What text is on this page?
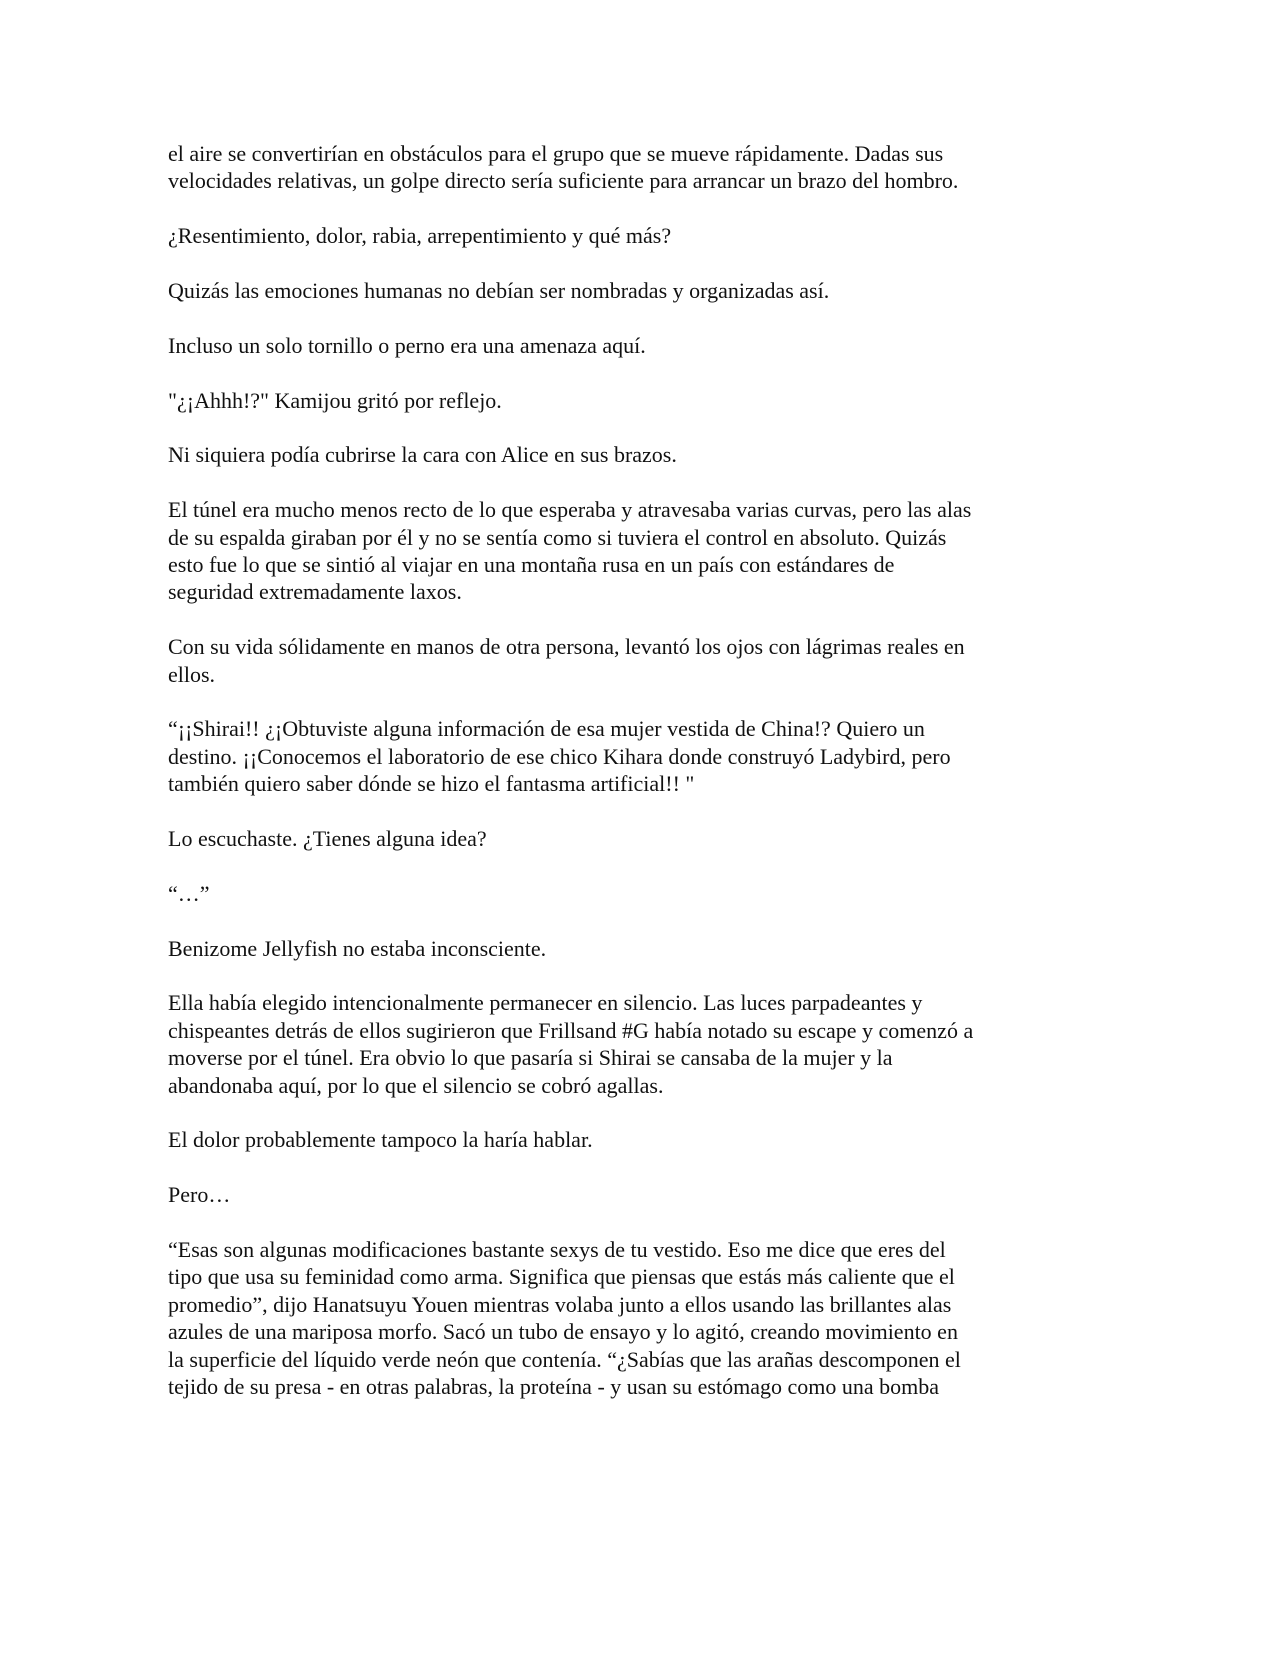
el aire se convertirían en obstáculos para el grupo que se mueve rápidamente. Dadas sus
velocidades relativas, un golpe directo sería suficiente para arrancar un brazo del hombro.

¿Resentimiento, dolor, rabia, arrepentimiento y qué más?

Quizás las emociones humanas no debían ser nombradas y organizadas así.

Incluso un solo tornillo o perno era una amenaza aquí.

"¿¡Ahhh!?" Kamijou gritó por reflejo.

Ni siquiera podía cubrirse la cara con Alice en sus brazos.

El túnel era mucho menos recto de lo que esperaba y atravesaba varias curvas, pero las alas
de su espalda giraban por él y no se sentía como si tuviera el control en absoluto. Quizás
esto fue lo que se sintió al viajar en una montaña rusa en un país con estándares de
seguridad extremadamente laxos.

Con su vida sólidamente en manos de otra persona, levantó los ojos con lágrimas reales en
ellos.

“¡¡Shirai!! ¿¡Obtuviste alguna información de esa mujer vestida de China!? Quiero un
destino. ¡¡Conocemos el laboratorio de ese chico Kihara donde construyó Ladybird, pero
también quiero saber dónde se hizo el fantasma artificial!! "

Lo escuchaste. ¿Tienes alguna idea?

“…”

Benizome Jellyfish no estaba inconsciente.

Ella había elegido intencionalmente permanecer en silencio. Las luces parpadeantes y
chispeantes detrás de ellos sugirieron que Frillsand #G había notado su escape y comenzó a
moverse por el túnel. Era obvio lo que pasaría si Shirai se cansaba de la mujer y la
abandonaba aquí, por lo que el silencio se cobró agallas.

El dolor probablemente tampoco la haría hablar.

Pero…

“Esas son algunas modificaciones bastante sexys de tu vestido. Eso me dice que eres del
tipo que usa su feminidad como arma. Significa que piensas que estás más caliente que el
promedio”, dijo Hanatsuyu Youen mientras volaba junto a ellos usando las brillantes alas
azules de una mariposa morfo. Sacó un tubo de ensayo y lo agitó, creando movimiento en
la superficie del líquido verde neón que contenía. “¿Sabías que las arañas descomponen el
tejido de su presa - en otras palabras, la proteína - y usan su estómago como una bomba
